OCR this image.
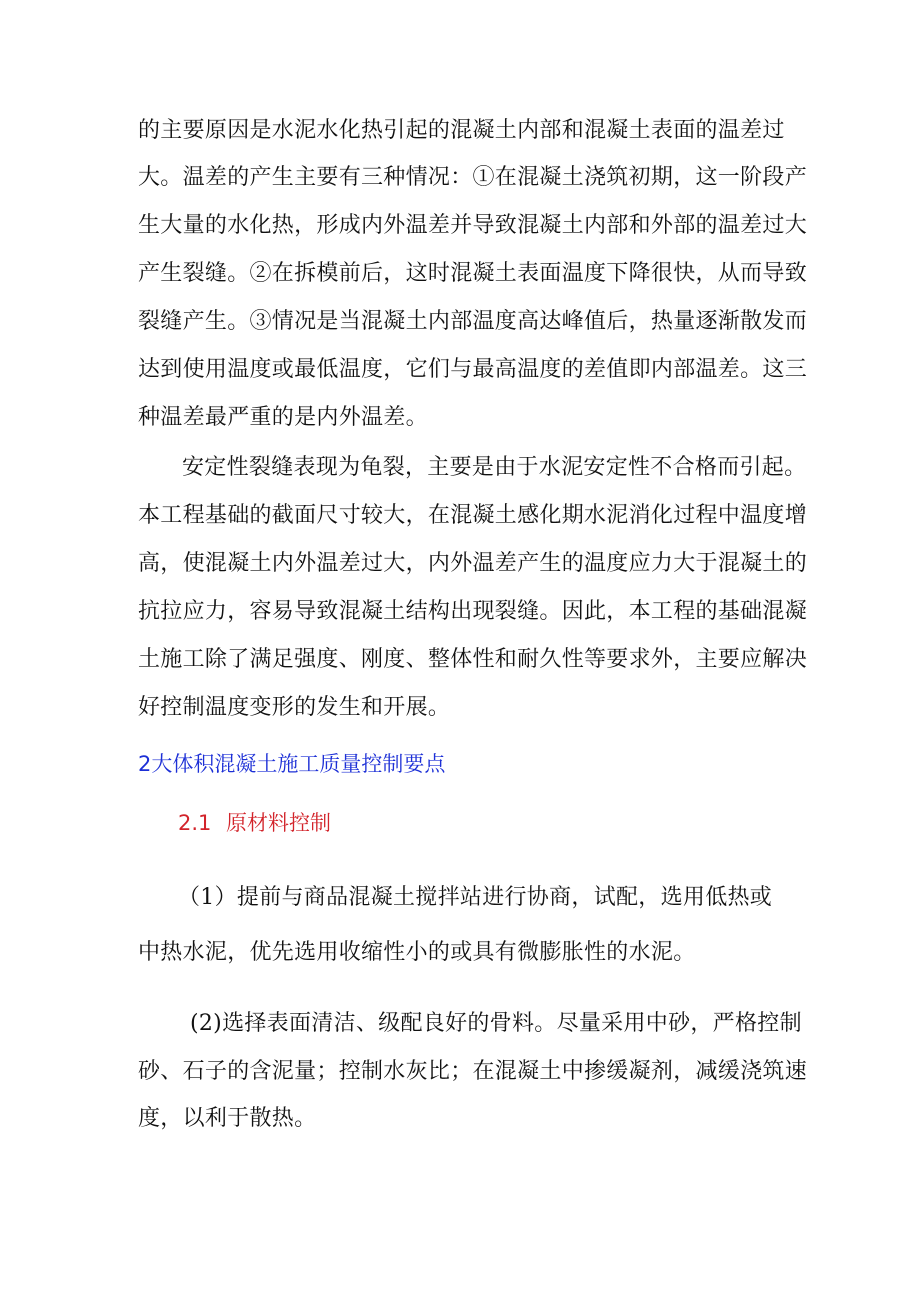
的主要原因是水泥水化热引起的混凝土内部和混凝土表面的温差过
大。温差的产生主要有三种情况：①在混凝土浇筑初期，这一阶段产
生大量的水化热，形成内外温差并导致混凝土内部和外部的温差过大
产生裂缝。②在拆模前后，这时混凝土表面温度下降很快，从而导致
裂缝产生。③情况是当混凝土内部温度高达峰值后，热量逐渐散发而
达到使用温度或最低温度，它们与最高温度的差值即内部温差。这三
种温差最严重的是内外温差。
安定性裂缝表现为龟裂，主要是由于水泥安定性不合格而引起。
本工程基础的截面尺寸较大，在混凝土感化期水泥消化过程中温度增
高，使混凝土内外温差过大，内外温差产生的温度应力大于混凝土的
抗拉应力，容易导致混凝土结构出现裂缝。因此，本工程的基础混凝
土施工除了满足强度、刚度、整体性和耐久性等要求外，主要应解决
好控制温度变形的发生和开展。
2大体积混凝土施工质量控制要点
2.1 原材料控制
（1）提前与商品混凝土搅拌站进行协商，试配，选用低热或
中热水泥，优先选用收缩性小的或具有微膨胀性的水泥。
(2)选择表面清洁、级配良好的骨料。尽量采用中砂，严格控制
砂、石子的含泥量；控制水灰比；在混凝土中掺缓凝剂，减缓浇筑速
度，以利于散热。
